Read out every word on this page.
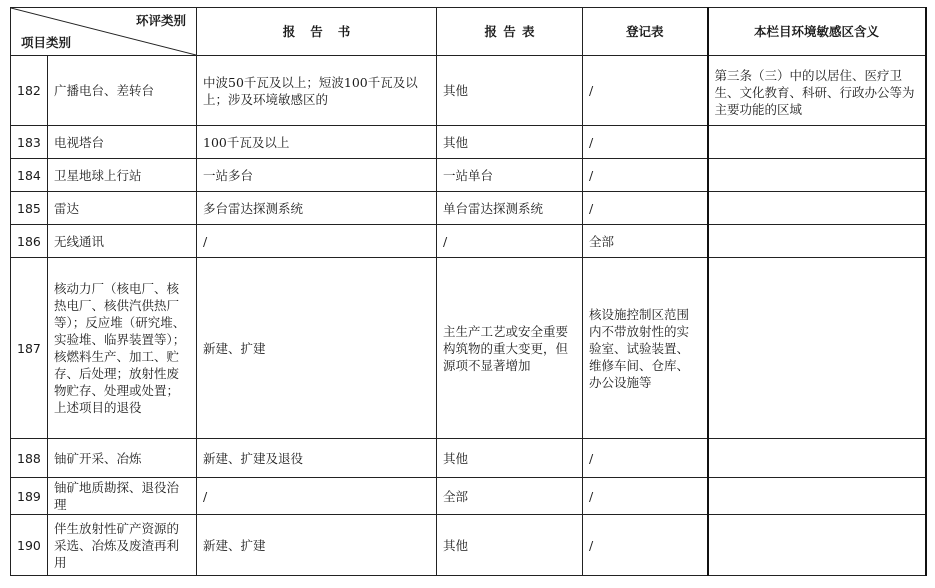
环评类别
项目类别		报告书	报告表	登记表	本栏目环境敏感区含义
182	广播电台、差转台	中波50千瓦及以上；短波100千瓦及以上；涉及环境敏感区的	其他	/	第三条（三）中的以居住、医疗卫生、文化教育、科研、行政办公等为主要功能的区域
183	电视塔台	100千瓦及以上	其他	/	
184	卫星地球上行站	一站多台	一站单台	/	
185	雷达	多台雷达探测系统	单台雷达探测系统	/	
186	无线通讯	/	/	全部	
187	核动力厂（核电厂、核热电厂、核供汽供热厂等）；反应堆（研究堆、实验堆、临界装置等）；核燃料生产、加工、贮存、后处理；放射性废物贮存、处理或处置；上述项目的退役	新建、扩建	主生产工艺或安全重要构筑物的重大变更，但源项不显著增加	核设施控制区范围内不带放射性的实验室、试验装置、维修车间、仓库、办公设施等	
188	铀矿开采、冶炼	新建、扩建及退役	其他	/	
189	铀矿地质勘探、退役治理	/	全部	/	
190	伴生放射性矿产资源的采选、冶炼及废渣再利用	新建、扩建	其他	/	
